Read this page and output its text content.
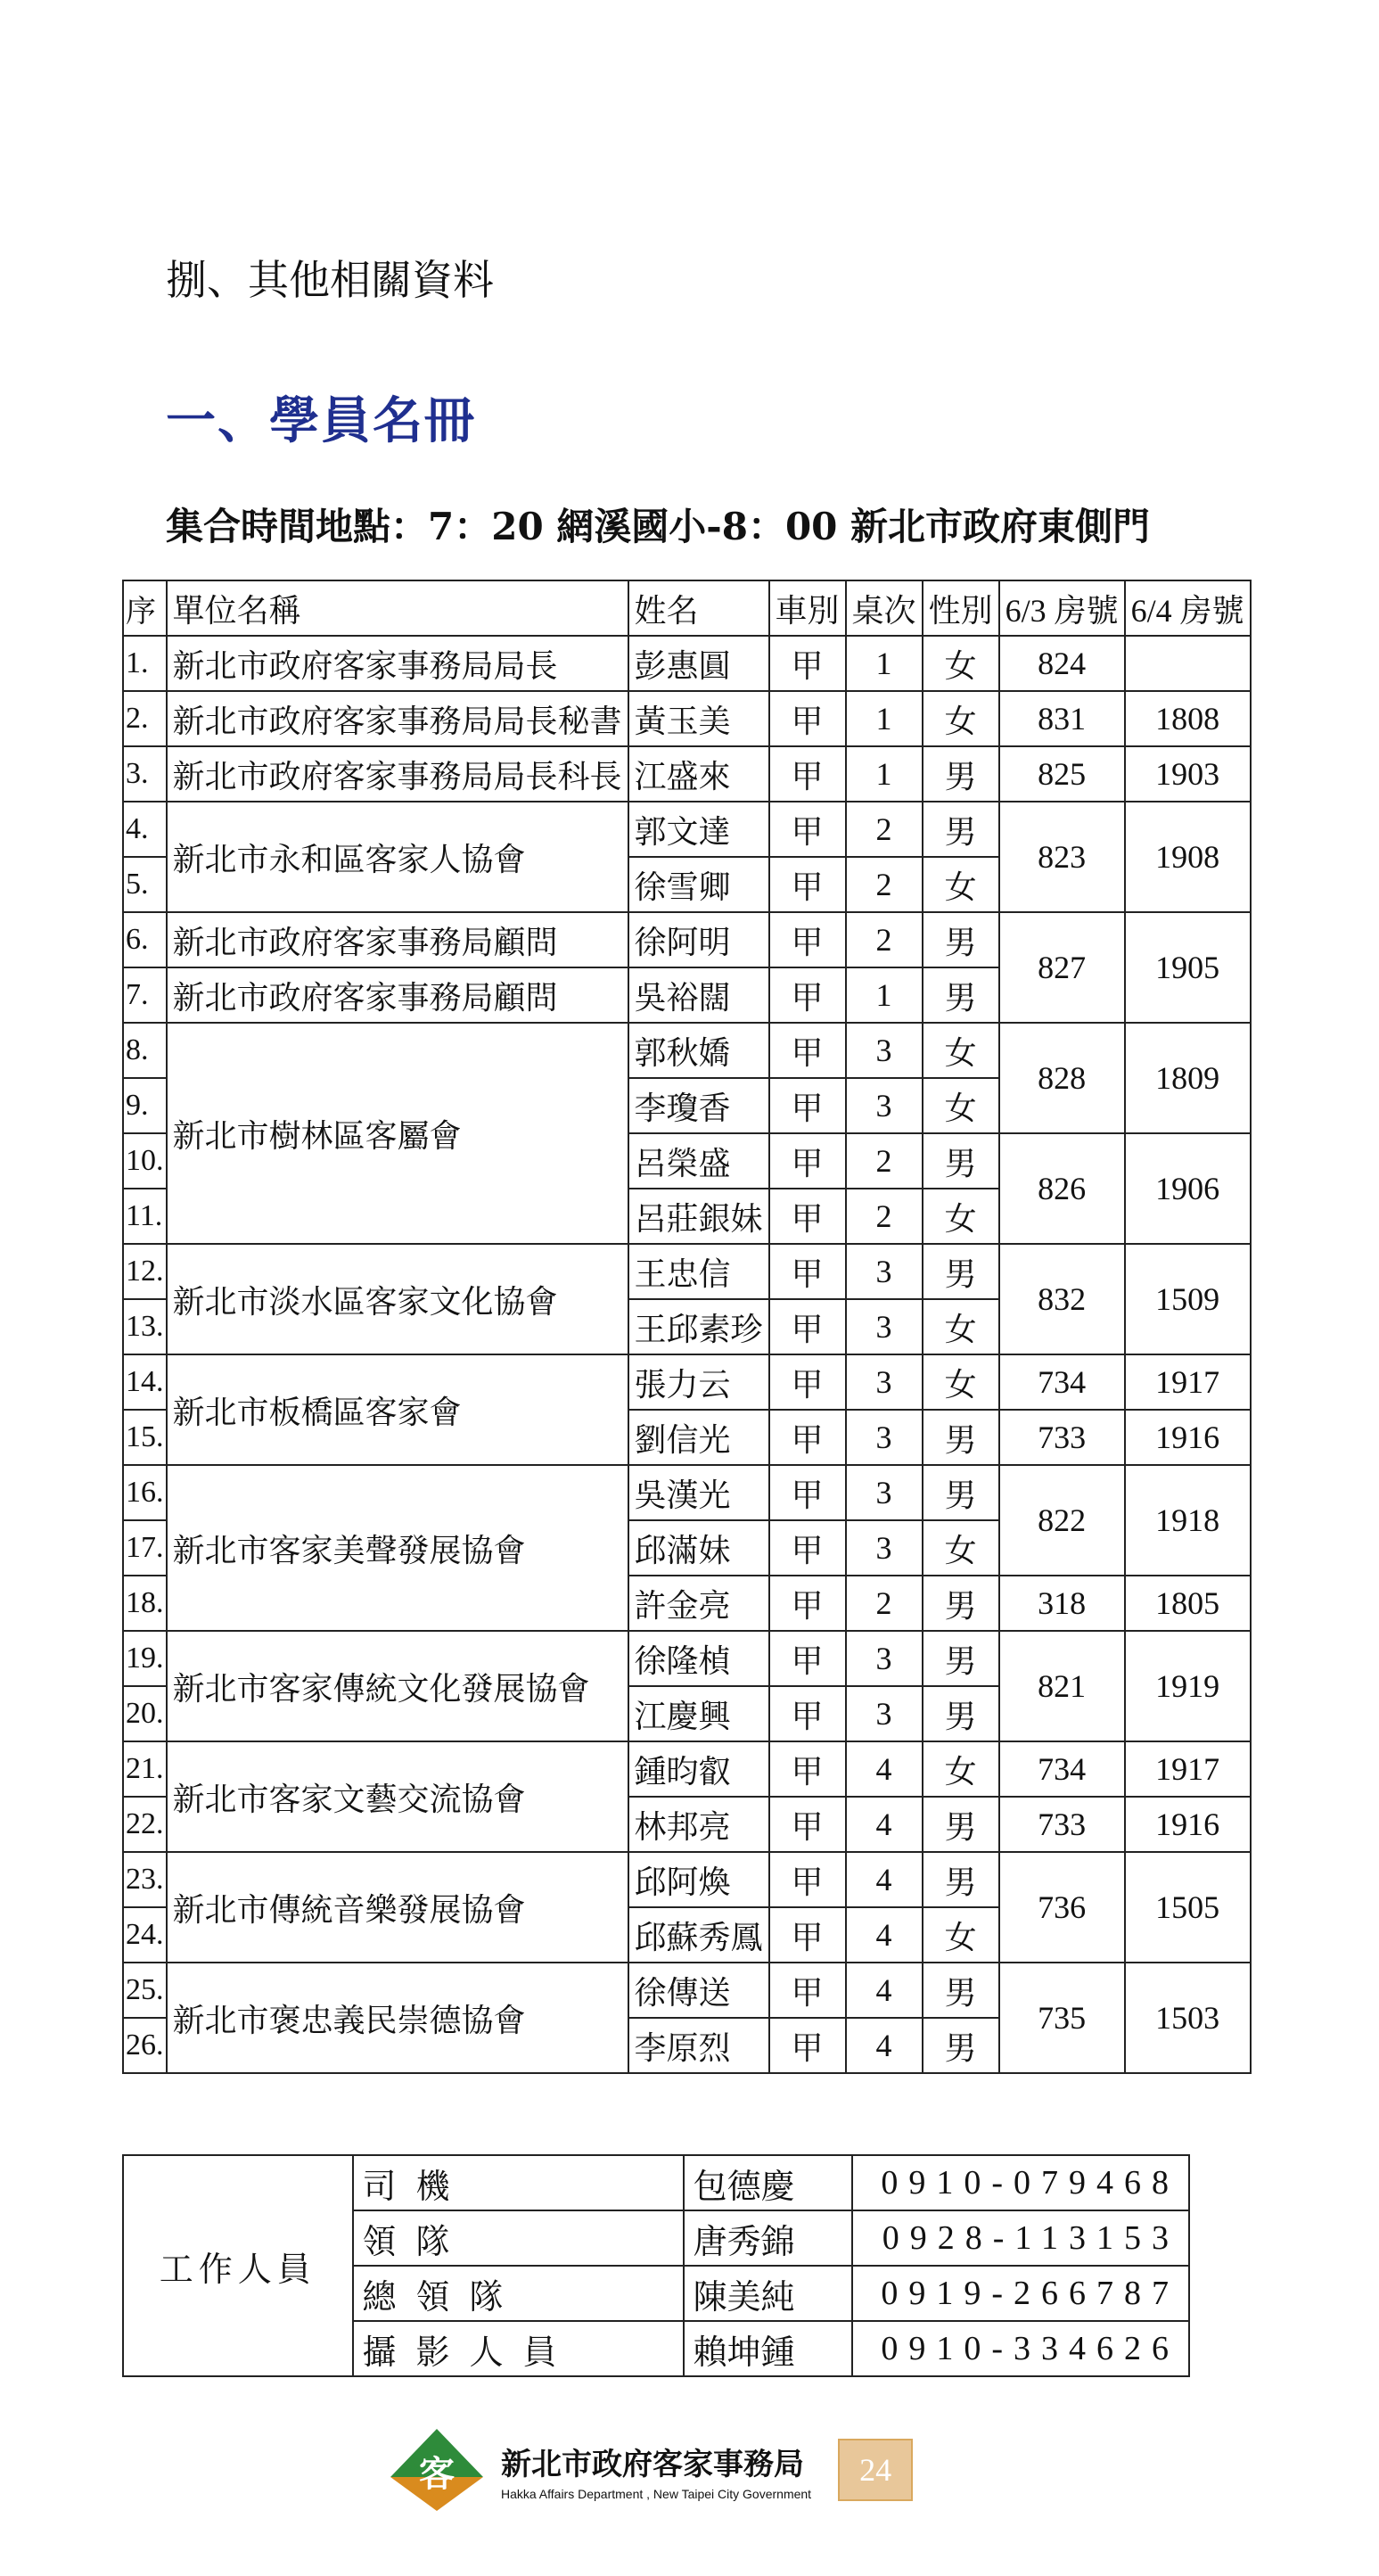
捌、其他相關資料
一、學員名冊
集合時間地點：7：20 網溪國小-8：00 新北市政府東側門
序	單位名稱	姓名	車別	桌次	性別	6/3 房號	6/4 房號
1.	新北市政府客家事務局局長	彭惠圓	甲	1	女	824	
2.	新北市政府客家事務局局長秘書	黃玉美	甲	1	女	831	1808
3.	新北市政府客家事務局局長科長	江盛來	甲	1	男	825	1903
4.	新北市永和區客家人協會	郭文達	甲	2	男	823	1908
5.		徐雪卿	甲	2	女		
6.	新北市政府客家事務局顧問	徐阿明	甲	2	男	827	1905
7.	新北市政府客家事務局顧問	吳裕闊	甲	1	男		
8.	新北市樹林區客屬會	郭秋嬌	甲	3	女	828	1809
9.		李瓊香	甲	3	女		
10.		呂榮盛	甲	2	男	826	1906
11.		呂莊銀妹	甲	2	女		
12.	新北市淡水區客家文化協會	王忠信	甲	3	男	832	1509
13.		王邱素珍	甲	3	女		
14.	新北市板橋區客家會	張力云	甲	3	女	734	1917
15.		劉信光	甲	3	男	733	1916
16.	新北市客家美聲發展協會	吳漢光	甲	3	男	822	1918
17.		邱滿妹	甲	3	女		
18.		許金亮	甲	2	男	318	1805
19.	新北市客家傳統文化發展協會	徐隆楨	甲	3	男	821	1919
20.		江慶興	甲	3	男		
21.	新北市客家文藝交流協會	鍾昀叡	甲	4	女	734	1917
22.		林邦亮	甲	4	男	733	1916
23.	新北市傳統音樂發展協會	邱阿煥	甲	4	男	736	1505
24.		邱蘇秀鳳	甲	4	女		
25.	新北市褒忠義民崇德協會	徐傳送	甲	4	男	735	1503
26.		李原烈	甲	4	男		
工作人員	司機	包德慶	0910-079468
	領隊	唐秀錦	0928-113153
	總領隊	陳美純	0919-266787
	攝影人員	賴坤鍾	0910-334626
客 新北市政府客家事務局
Hakka Affairs Department , New Taipei City Government
24
